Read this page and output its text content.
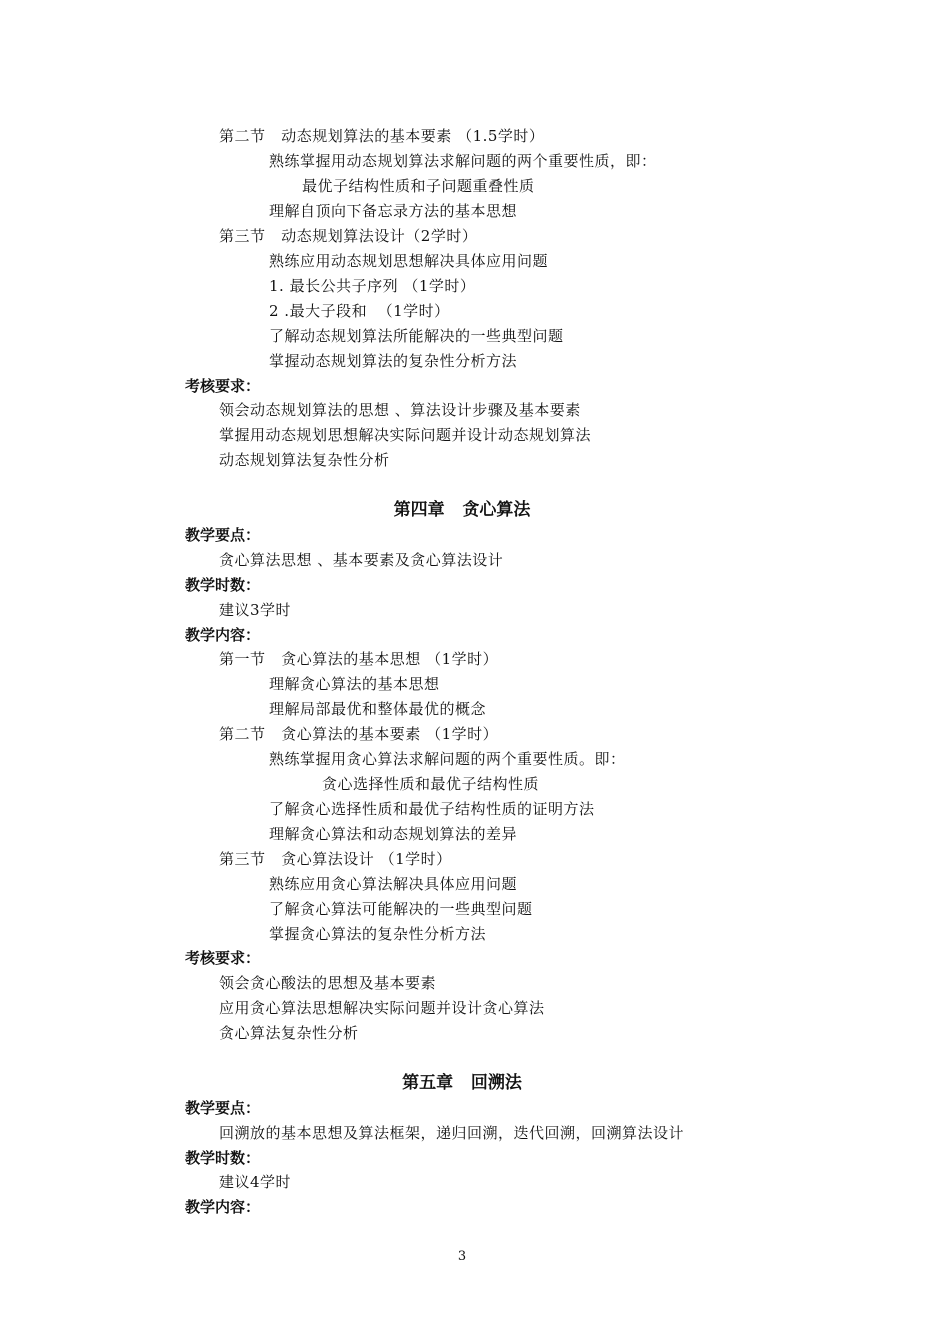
第二节   动态规划算法的基本要素 （1.5学时）
熟练掌握用动态规划算法求解问题的两个重要性质，即：
最优子结构性质和子问题重叠性质
理解自顶向下备忘录方法的基本思想
第三节   动态规划算法设计（2学时）
熟练应用动态规划思想解决具体应用问题
1. 最长公共子序列 （1学时）
2 .最大子段和  （1学时）
了解动态规划算法所能解决的一些典型问题
掌握动态规划算法的复杂性分析方法
考核要求：
领会动态规划算法的思想 、算法设计步骤及基本要素
掌握用动态规划思想解决实际问题并设计动态规划算法
动态规划算法复杂性分析
第四章   贪心算法
教学要点：
贪心算法思想 、基本要素及贪心算法设计
教学时数：
建议3学时
教学内容：
第一节   贪心算法的基本思想 （1学时）
理解贪心算法的基本思想
理解局部最优和整体最优的概念
第二节   贪心算法的基本要素 （1学时）
熟练掌握用贪心算法求解问题的两个重要性质。即：
贪心选择性质和最优子结构性质
了解贪心选择性质和最优子结构性质的证明方法
理解贪心算法和动态规划算法的差异
第三节   贪心算法设计 （1学时）
熟练应用贪心算法解决具体应用问题
了解贪心算法可能解决的一些典型问题
掌握贪心算法的复杂性分析方法
考核要求：
领会贪心酸法的思想及基本要素
应用贪心算法思想解决实际问题并设计贪心算法
贪心算法复杂性分析
第五章   回溯法
教学要点：
回溯放的基本思想及算法框架，递归回溯，迭代回溯，回溯算法设计
教学时数：
建议4学时
教学内容：
3
